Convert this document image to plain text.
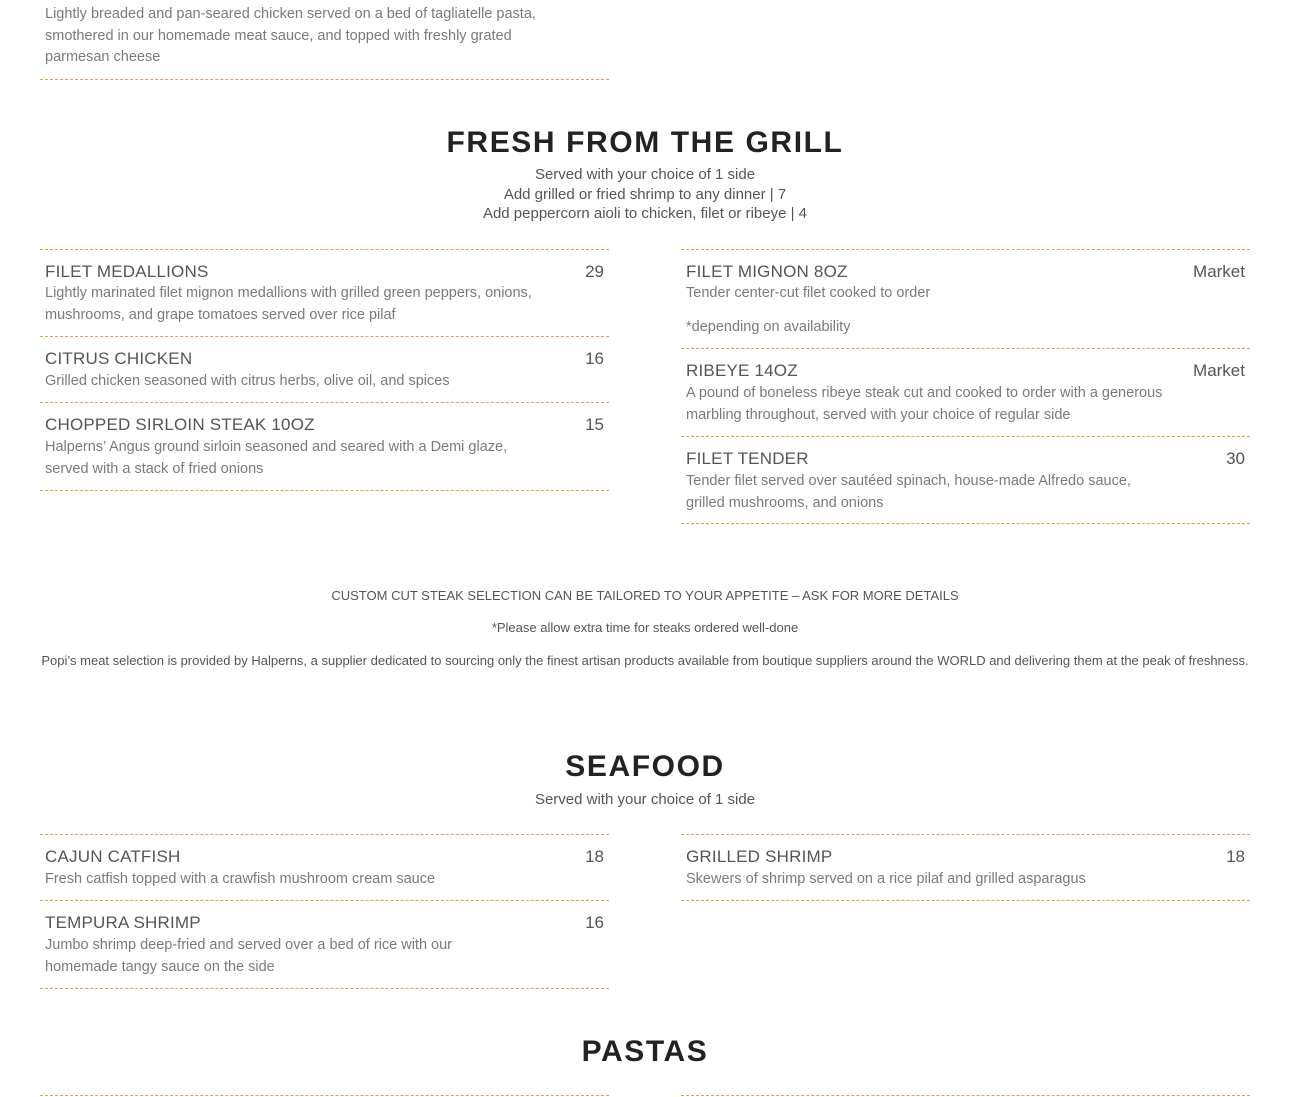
Lightly breaded and pan-seared chicken served on a bed of tagliatelle pasta, smothered in our homemade meat sauce, and topped with freshly grated parmesan cheese
FRESH FROM THE GRILL
Served with your choice of 1 side
Add grilled or fried shrimp to any dinner | 7
Add peppercorn aioli to chicken, filet or ribeye | 4
FILET MEDALLIONS	29
Lightly marinated filet mignon medallions with grilled green peppers, onions, mushrooms, and grape tomatoes served over rice pilaf
CITRUS CHICKEN	16
Grilled chicken seasoned with citrus herbs, olive oil, and spices
CHOPPED SIRLOIN STEAK 10OZ	15
Halperns’ Angus ground sirloin seasoned and seared with a Demi glaze, served with a stack of fried onions
FILET MIGNON 8OZ	Market
Tender center-cut filet cooked to order
*depending on availability
RIBEYE 14OZ	Market
A pound of boneless ribeye steak cut and cooked to order with a generous marbling throughout, served with your choice of regular side
FILET TENDER	30
Tender filet served over sautéed spinach, house-made Alfredo sauce, grilled mushrooms, and onions
CUSTOM CUT STEAK SELECTION CAN BE TAILORED TO YOUR APPETITE – ASK FOR MORE DETAILS
*Please allow extra time for steaks ordered well-done
Popi’s meat selection is provided by Halperns, a supplier dedicated to sourcing only the finest artisan products available from boutique suppliers around the WORLD and delivering them at the peak of freshness.
SEAFOOD
Served with your choice of 1 side
CAJUN CATFISH	18
Fresh catfish topped with a crawfish mushroom cream sauce
TEMPURA SHRIMP	16
Jumbo shrimp deep-fried and served over a bed of rice with our homemade tangy sauce on the side
GRILLED SHRIMP	18
Skewers of shrimp served on a rice pilaf and grilled asparagus
PASTAS
